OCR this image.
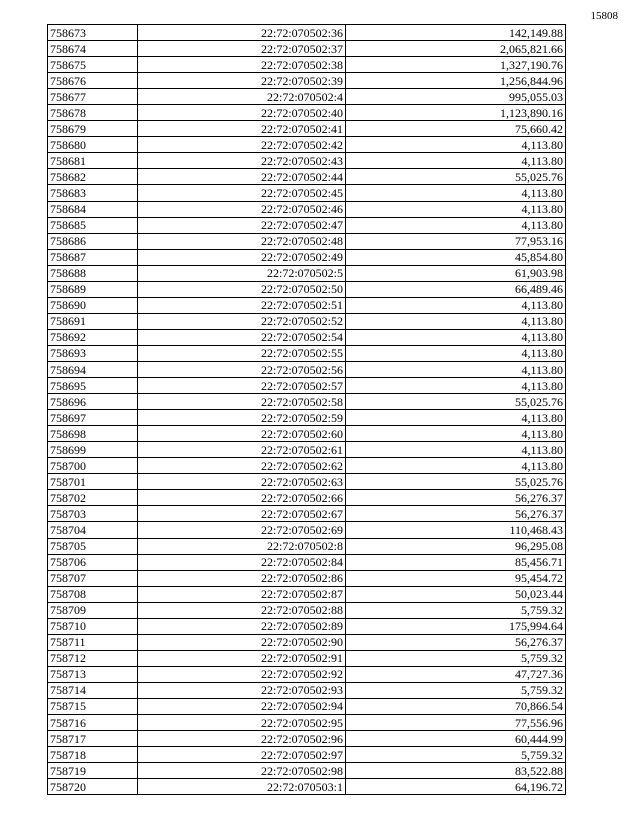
15808
758673	22:72:070502:36	142,149.88
758674	22:72:070502:37	2,065,821.66
758675	22:72:070502:38	1,327,190.76
758676	22:72:070502:39	1,256,844.96
758677	22:72:070502:4	995,055.03
758678	22:72:070502:40	1,123,890.16
758679	22:72:070502:41	75,660.42
758680	22:72:070502:42	4,113.80
758681	22:72:070502:43	4,113.80
758682	22:72:070502:44	55,025.76
758683	22:72:070502:45	4,113.80
758684	22:72:070502:46	4,113.80
758685	22:72:070502:47	4,113.80
758686	22:72:070502:48	77,953.16
758687	22:72:070502:49	45,854.80
758688	22:72:070502:5	61,903.98
758689	22:72:070502:50	66,489.46
758690	22:72:070502:51	4,113.80
758691	22:72:070502:52	4,113.80
758692	22:72:070502:54	4,113.80
758693	22:72:070502:55	4,113.80
758694	22:72:070502:56	4,113.80
758695	22:72:070502:57	4,113.80
758696	22:72:070502:58	55,025.76
758697	22:72:070502:59	4,113.80
758698	22:72:070502:60	4,113.80
758699	22:72:070502:61	4,113.80
758700	22:72:070502:62	4,113.80
758701	22:72:070502:63	55,025.76
758702	22:72:070502:66	56,276.37
758703	22:72:070502:67	56,276.37
758704	22:72:070502:69	110,468.43
758705	22:72:070502:8	96,295.08
758706	22:72:070502:84	85,456.71
758707	22:72:070502:86	95,454.72
758708	22:72:070502:87	50,023.44
758709	22:72:070502:88	5,759.32
758710	22:72:070502:89	175,994.64
758711	22:72:070502:90	56,276.37
758712	22:72:070502:91	5,759.32
758713	22:72:070502:92	47,727.36
758714	22:72:070502:93	5,759.32
758715	22:72:070502:94	70,866.54
758716	22:72:070502:95	77,556.96
758717	22:72:070502:96	60,444.99
758718	22:72:070502:97	5,759.32
758719	22:72:070502:98	83,522.88
758720	22:72:070503:1	64,196.72
